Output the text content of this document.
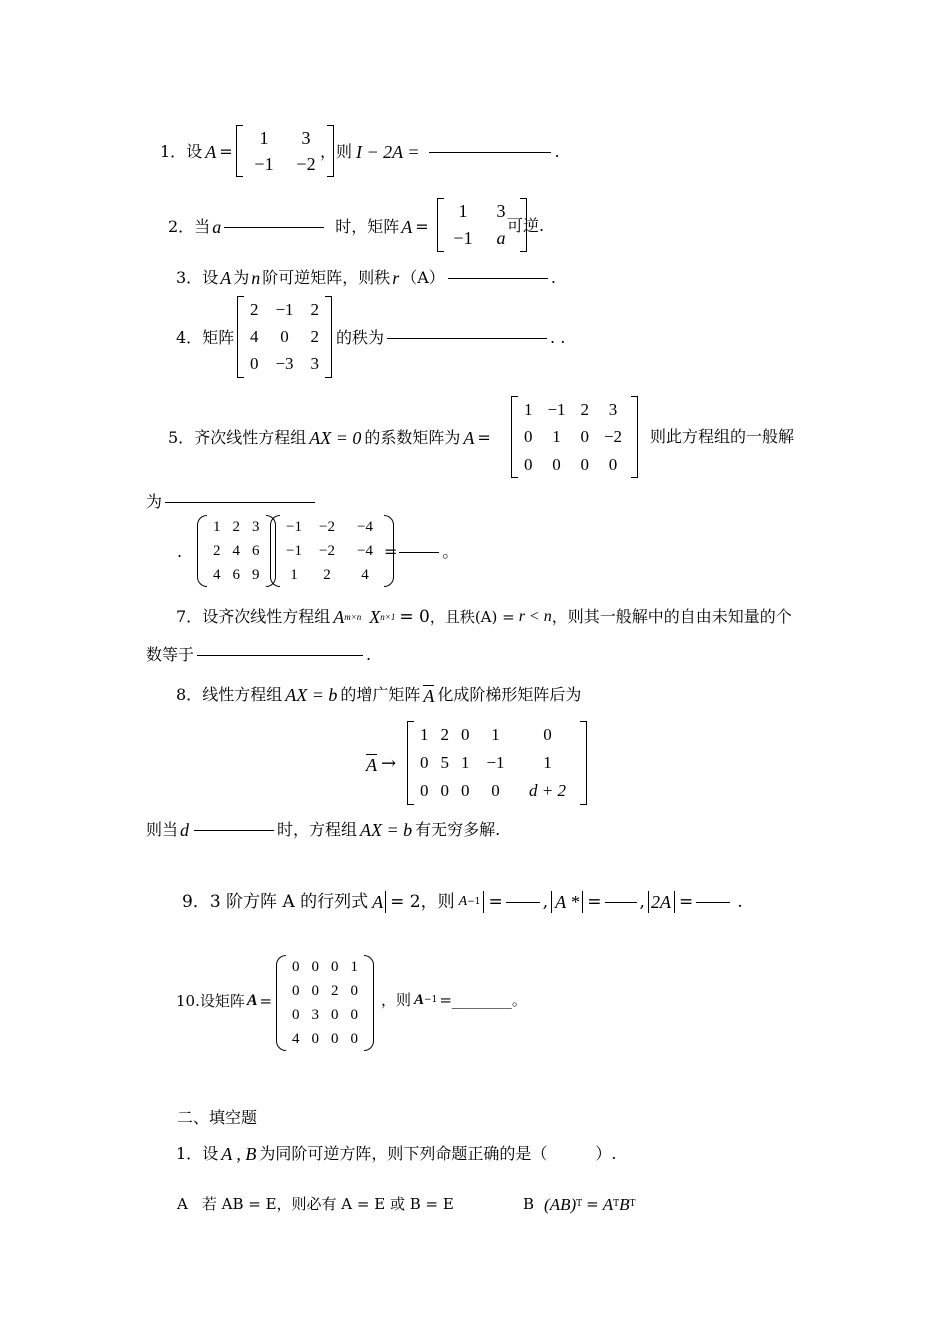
1． 设 A =
1	3
−1	−2
，则 I − 2A =	.
2． 当 a	时，矩阵 A =
1	3
−1	a
可逆.
3． 设 A 为 n 阶可逆矩阵，则秩 r （A）	.
4． 矩阵
2	−1	2
4	0	2
0	−3	3
的秩为	. .
5． 齐次线性方程组 AX = 0 的系数矩阵为 A =
1	−1	2	3
0	1	0	−2
0	0	0	0
则此方程组的一般解
为
.
1	2	3
2	4	6
4	6	9
−1	−2	−4
−1	−2	−4
1	2	4
=	。
7． 设齐次线性方程组 A m×n X n×1 = 0 ，且秩(A) = r < n ，则其一般解中的自由未知量的个
数等于	.
8． 线性方程组 AX = b 的增广矩阵 A 化成阶梯形矩阵后为
A →
1	2	0	1	0
0	5	1	−1	1
0	0	0	0	d + 2
则当 d	时，方程组 AX = b 有无穷多解.
9． 3 阶方阵 A 的行列式 A = 2 ，则 A −1 = , A * = , 2A =	.
10. 设矩阵 A =
0	0	0	1
0	0	2	0
0	3	0	0
4	0	0	0
，则 A −1 = ________ 。
二、填空题
1． 设 A , B 为同阶可逆方阵，则下列命题正确的是（	）.
A 若 AB = E，则必有 A = E 或 B = E	B (AB) T = A T B T
